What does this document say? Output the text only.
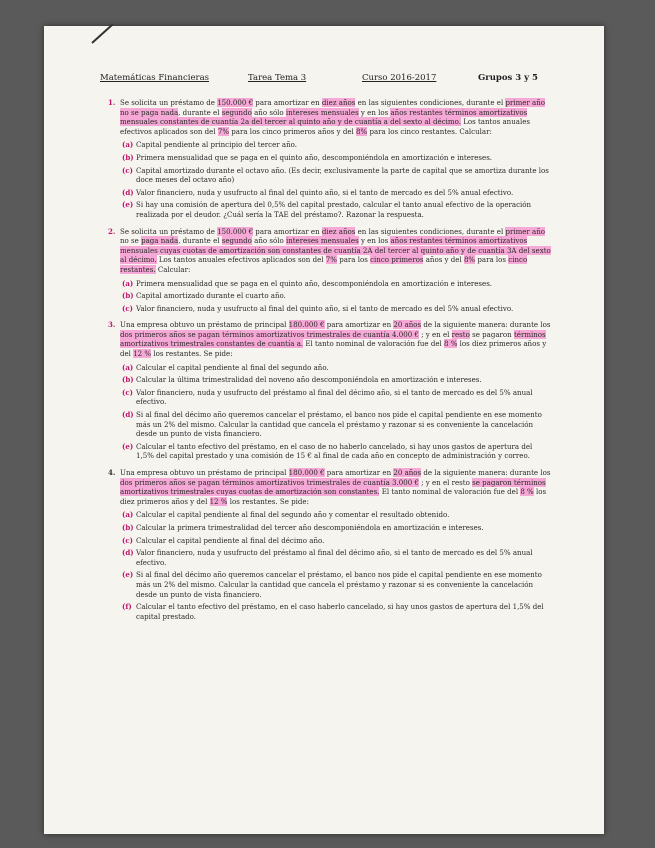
Matemáticas Financieras	Tarea Tema 3	Curso 2016-2017	Grupos 3 y 5
1. Se solicita un préstamo de 150.000 € para amortizar en diez años en las siguientes condiciones, durante el primer año no se paga nada, durante el segundo año sólo intereses mensuales y en los años restantes términos amortizativos mensuales constantes de cuantía 2a del tercer al quinto año y de cuantía a del sexto al décimo. Los tantos anuales efectivos aplicados son del 7% para los cinco primeros años y del 8% para los cinco restantes. Calcular:
(a) Capital pendiente al principio del tercer año.
(b) Primera mensualidad que se paga en el quinto año, descomponiéndola en amortización e intereses.
(c) Capital amortizado durante el octavo año. (Es decir, exclusivamente la parte de capital que se amortiza durante los doce meses del octavo año)
(d) Valor financiero, nuda y usufructo al final del quinto año, si el tanto de mercado es del 5% anual efectivo.
(e) Si hay una comisión de apertura del 0,5% del capital prestado, calcular el tanto anual efectivo de la operación realizada por el deudor. ¿Cuál sería la TAE del préstamo?. Razonar la respuesta.
2. Se solicita un préstamo de 150.000 € para amortizar en diez años en las siguientes condiciones, durante el primer año no se paga nada, durante el segundo año sólo intereses mensuales y en los años restantes términos amortizativos mensuales cuyas cuotas de amortización son constantes de cuantía 2A del tercer al quinto año y de cuantía 3A del sexto al décimo. Los tantos anuales efectivos aplicados son del 7% para los cinco primeros años y del 8% para los cinco restantes. Calcular:
(a) Primera mensualidad que se paga en el quinto año, descomponiéndola en amortización e intereses.
(b) Capital amortizado durante el cuarto año.
(c) Valor financiero, nuda y usufructo al final del quinto año, si el tanto de mercado es del 5% anual efectivo.
3. Una empresa obtuvo un préstamo de principal 180.000 € para amortizar en 20 años de la siguiente manera: durante los dos primeros años se pagan términos amortizativos trimestrales de cuantía 4.000 € ; y en el resto se pagaron términos amortizativos trimestrales constantes de cuantía a. El tanto nominal de valoración fue del 8 % los diez primeros años y del 12 % los restantes. Se pide:
(a) Calcular el capital pendiente al final del segundo año.
(b) Calcular la última trimestralidad del noveno año descomponiéndola en amortización e intereses.
(c) Valor financiero, nuda y usufructo del préstamo al final del décimo año, si el tanto de mercado es del 5% anual efectivo.
(d) Si al final del décimo año queremos cancelar el préstamo, el banco nos pide el capital pendiente en ese momento más un 2% del mismo. Calcular la cantidad que cancela el préstamo y razonar si es conveniente la cancelación desde un punto de vista financiero.
(e) Calcular el tanto efectivo del préstamo, en el caso de no haberlo cancelado, si hay unos gastos de apertura del 1,5% del capital prestado y una comisión de 15 € al final de cada año en concepto de administración y correo.
4. Una empresa obtuvo un préstamo de principal 180.000 € para amortizar en 20 años de la siguiente manera: durante los dos primeros años se pagan términos amortizativos trimestrales de cuantía 3.000 € ; y en el resto se pagaron términos amortizativos trimestrales cuyas cuotas de amortización son constantes. El tanto nominal de valoración fue del 8 % los diez primeros años y del 12 % los restantes. Se pide:
(a) Calcular el capital pendiente al final del segundo año y comentar el resultado obtenido.
(b) Calcular la primera trimestralidad del tercer año descomponiéndola en amortización e intereses.
(c) Calcular el capital pendiente al final del décimo año.
(d) Valor financiero, nuda y usufructo del préstamo al final del décimo año, si el tanto de mercado es del 5% anual efectivo.
(e) Si al final del décimo año queremos cancelar el préstamo, el banco nos pide el capital pendiente en ese momento más un 2% del mismo. Calcular la cantidad que cancela el préstamo y razonar si es conveniente la cancelación desde un punto de vista financiero.
(f) Calcular el tanto efectivo del préstamo, en el caso haberlo cancelado, si hay unos gastos de apertura del 1,5% del capital prestado.
